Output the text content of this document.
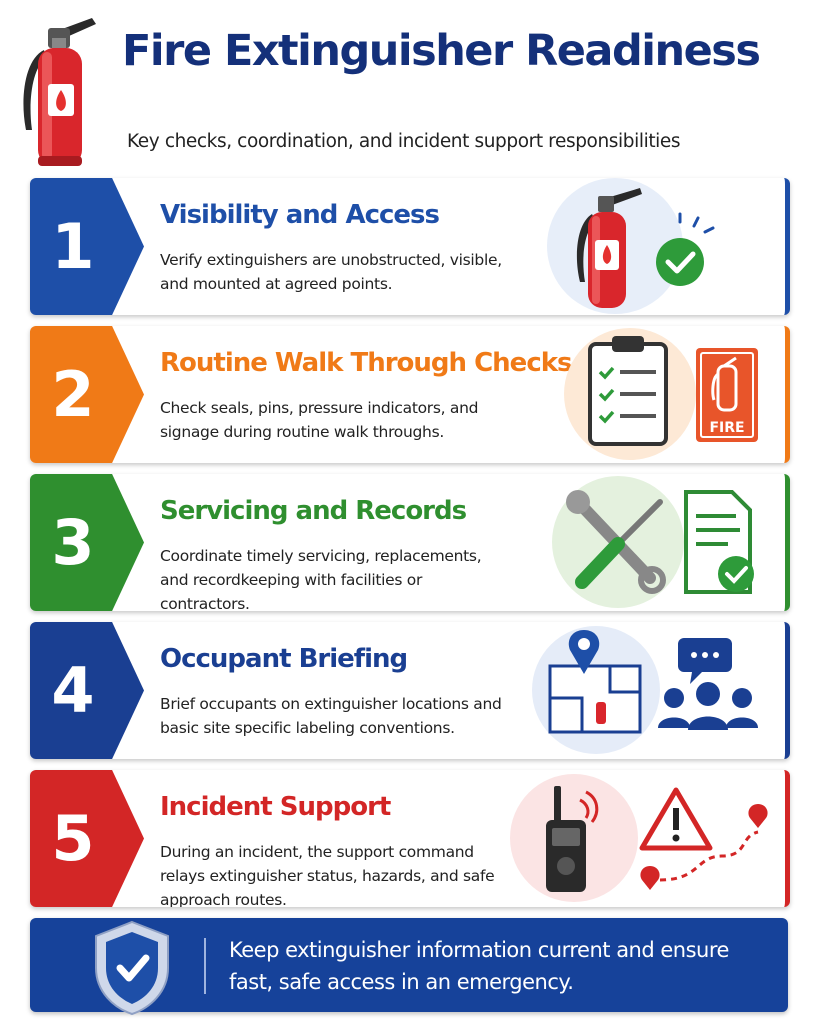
Fire Extinguisher Readiness
Key checks, coordination, and incident support responsibilities
1	Visibility and Access
Verify extinguishers are unobstructed, visible, and mounted at agreed points.
2	Routine Walk Through Checks
Check seals, pins, pressure indicators, and signage during routine walk throughs.	FIRE
3	Servicing and Records
Coordinate timely servicing, replacements, and recordkeeping with facilities or contractors.
4	Occupant Briefing
Brief occupants on extinguisher locations and basic site specific labeling conventions.
5	Incident Support
During an incident, the support command relays extinguisher status, hazards, and safe approach routes.
Keep extinguisher information current and ensure fast, safe access in an emergency.
